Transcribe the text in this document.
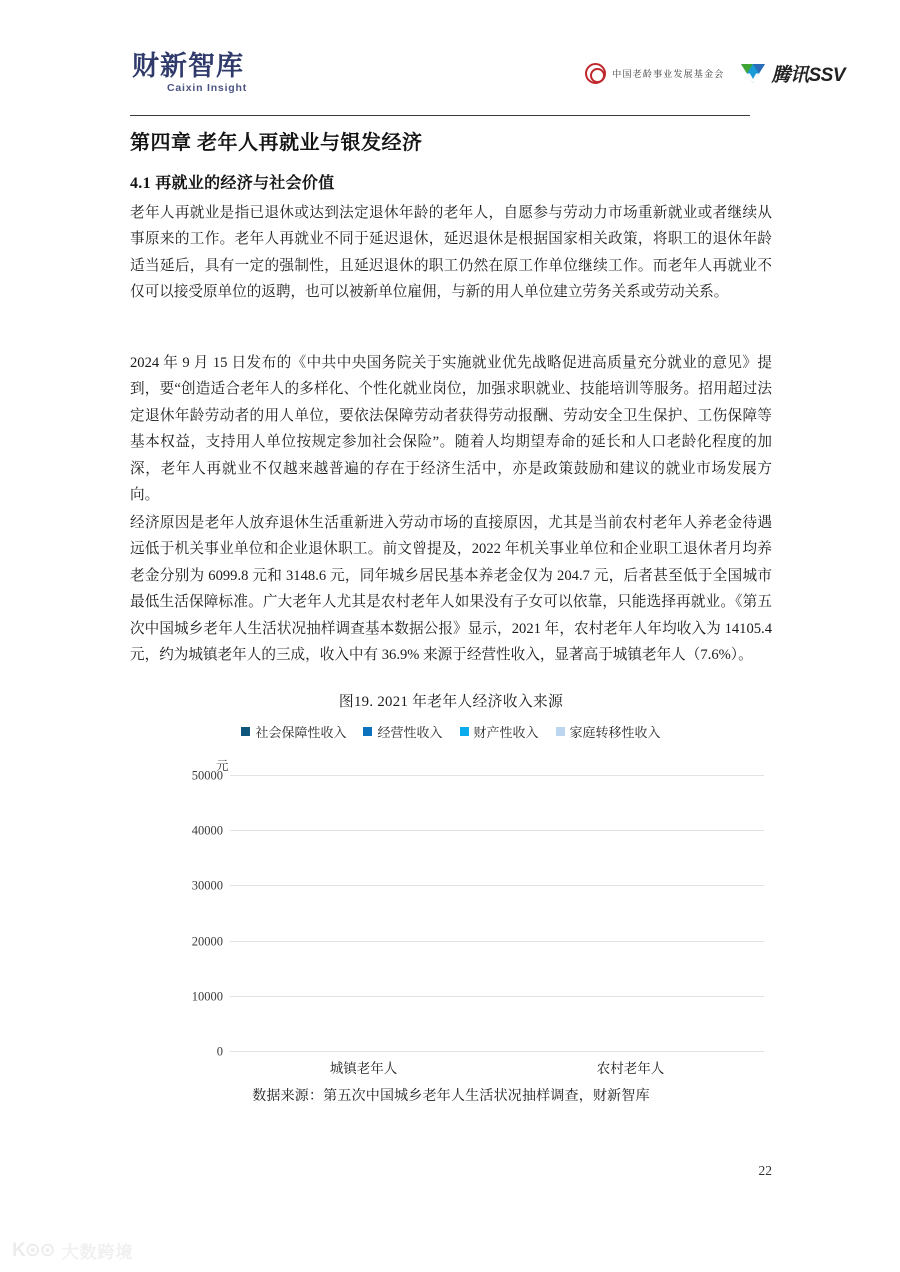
财新智库
Caixin Insight
中国老龄事业发展基金会 腾讯SSV
第四章 老年人再就业与银发经济
4.1 再就业的经济与社会价值

老年人再就业是指已退休或达到法定退休年龄的老年人，自愿参与劳动力市场重新就业或者继续从事原来的工作。老年人再就业不同于延迟退休，延迟退休是根据国家相关政策，将职工的退休年龄适当延后，具有一定的强制性，且延迟退休的职工仍然在原工作单位继续工作。而老年人再就业不仅可以接受原单位的返聘，也可以被新单位雇佣，与新的用人单位建立劳务关系或劳动关系。

2024 年 9 月 15 日发布的《中共中央国务院关于实施就业优先战略促进高质量充分就业的意见》提到，要“创造适合老年人的多样化、个性化就业岗位，加强求职就业、技能培训等服务。招用超过法定退休年龄劳动者的用人单位，要依法保障劳动者获得劳动报酬、劳动安全卫生保护、工伤保障等基本权益，支持用人单位按规定参加社会保险”。随着人均期望寿命的延长和人口老龄化程度的加深，老年人再就业不仅越来越普遍的存在于经济生活中，亦是政策鼓励和建议的就业市场发展方向。

经济原因是老年人放弃退休生活重新进入劳动市场的直接原因，尤其是当前农村老年人养老金待遇远低于机关事业单位和企业退休职工。前文曾提及，2022 年机关事业单位和企业职工退休者月均养老金分别为 6099.8 元和 3148.6 元，同年城乡居民基本养老金仅为 204.7 元，后者甚至低于全国城市最低生活保障标准。广大老年人尤其是农村老年人如果没有子女可以依靠，只能选择再就业。《第五次中国城乡老年人生活状况抽样调查基本数据公报》显示，2021 年，农村老年人年均收入为 14105.4 元，约为城镇老年人的三成，收入中有 36.9% 来源于经营性收入，显著高于城镇老年人（7.6%）。

图19. 2021 年老年人经济收入来源
社会保障性收入 经营性收入 财产性收入 家庭转移性收入
元
0
10000
20000
30000
40000
50000
城镇老年人	农村老年人
数据来源：第五次中国城乡老年人生活状况抽样调查，财新智库
22
K⊙⊙ 大数跨境
